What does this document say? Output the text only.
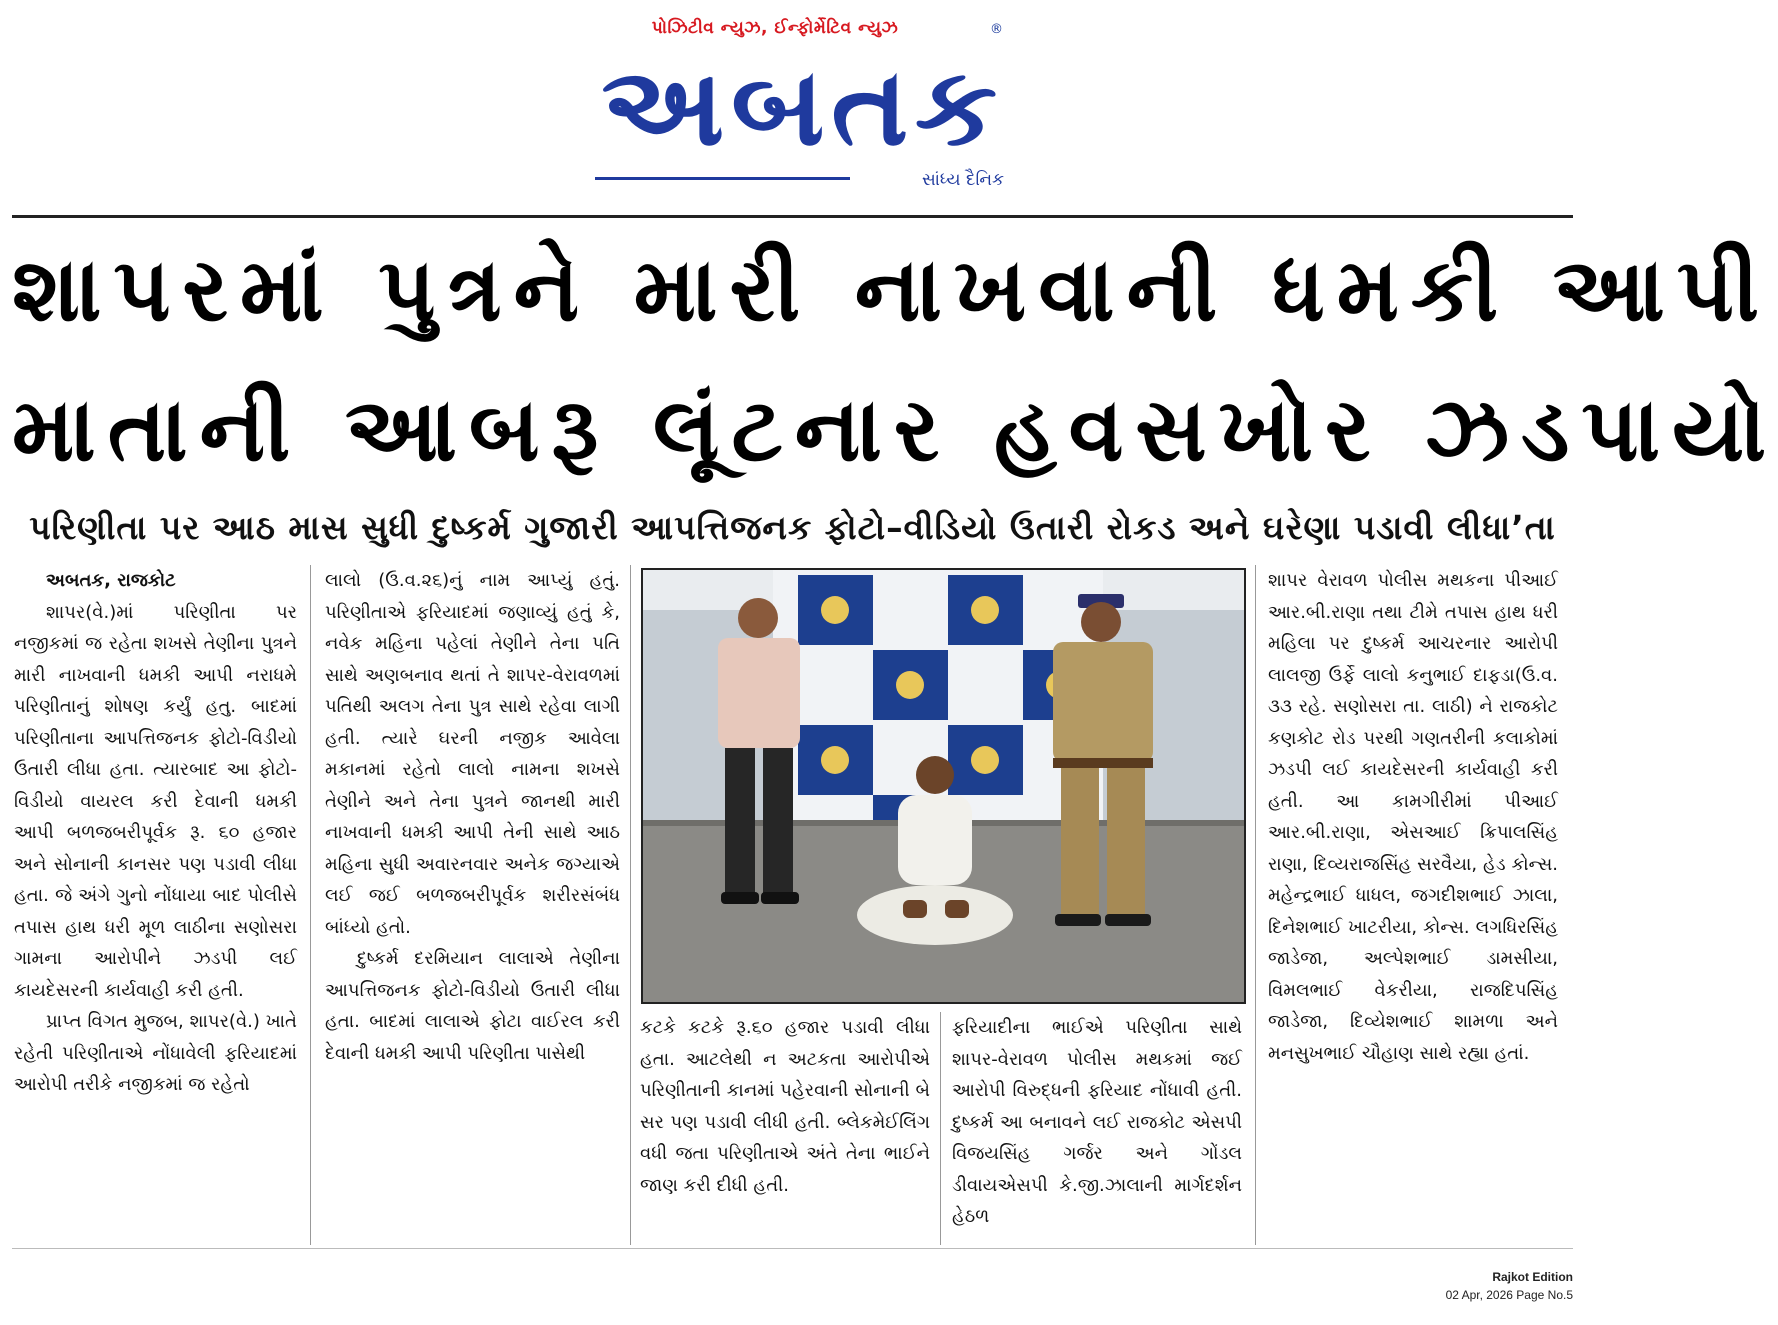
પોઝિટીવ ન્યુઝ, ઈન્ફોર્મેટિવ ન્યુઝ	®
અબતક
સાંધ્ય દૈનિક
શાપરમાં પુત્રને મારી નાખવાની ધમકી આપી
માતાની આબરૂ લૂંટનાર હવસખોર ઝડપાયો
પરિણીતા પર આઠ માસ સુધી દુષ્કર્મ ગુજારી આપત્તિજનક ફોટો–વીડિયો ઉતારી રોકડ અને ઘરેણા પડાવી લીધા’તા
અબતક, રાજકોટ

શાપર(વે.)માં પરિણીતા પર નજીકમાં જ રહેતા શખસે તેણીના પુત્રને મારી નાખવાની ધમકી આપી નરાધમે પરિણીતાનું શોષણ કર્યું હતુ. બાદમાં પરિણીતાના આપત્તિજનક ફોટો-વિડીયો ઉતારી લીધા હતા. ત્યારબાદ આ ફોટો-વિડીયો વાયરલ કરી દેવાની ધમકી આપી બળજબરીપૂર્વક રૂ. ૬૦ હજાર અને સોનાની કાનસર પણ પડાવી લીધા હતા. જે અંગે ગુનો નોંધાયા બાદ પોલીસે તપાસ હાથ ધરી મૂળ લાઠીના સણોસરા ગામના આરોપીને ઝડપી લઈ કાયદેસરની કાર્યવાહી કરી હતી.

પ્રાપ્ત વિગત મુજબ, શાપર(વે.) ખાતે રહેતી પરિણીતાએ નોંધાવેલી ફરિયાદમાં આરોપી તરીકે નજીકમાં જ રહેતો

લાલો (ઉ.વ.૨૬)નું નામ આપ્યું હતું. પરિણીતાએ ફરિયાદમાં જણાવ્યું હતું કે, નવેક મહિના પહેલાં તેણીને તેના પતિ સાથે અણબનાવ થતાં તે શાપર-વેરાવળમાં પતિથી અલગ તેના પુત્ર સાથે રહેવા લાગી હતી. ત્યારે ઘરની નજીક આવેલા મકાનમાં રહેતો લાલો નામના શખસે તેણીને અને તેના પુત્રને જાનથી મારી નાખવાની ધમકી આપી તેની સાથે આઠ મહિના સુધી અવારનવાર અનેક જગ્યાએ લઈ જઈ બળજબરીપૂર્વક શરીરસંબંધ બાંધ્યો હતો.

દુષ્કર્મ દરમિયાન લાલાએ તેણીના આપત્તિજનક ફોટો-વિડીયો ઉતારી લીધા હતા. બાદમાં લાલાએ ફોટા વાઈરલ કરી દેવાની ધમકી આપી પરિણીતા પાસેથી

કટકે કટકે રૂ.૬૦ હજાર પડાવી લીધા હતા. આટલેથી ન અટકતા આરોપીએ પરિણીતાની કાનમાં પહેરવાની સોનાની બે સર પણ પડાવી લીધી હતી. બ્લેકમેઈલિંગ વધી જતા પરિણીતાએ અંતે તેના ભાઈને જાણ કરી દીધી હતી.

ફરિયાદીના ભાઈએ પરિણીતા સાથે શાપર-વેરાવળ પોલીસ મથકમાં જઈ આરોપી વિરુદ્ધની ફરિયાદ નોંધાવી હતી. દુષ્કર્મ આ બનાવને લઈ રાજકોટ એસપી વિજયસિંહ ગર્જર અને ગોંડલ ડીવાયએસપી કે.જી.ઝાલાની માર્ગદર્શન હેઠળ

શાપર વેરાવળ પોલીસ મથકના પીઆઈ આર.બી.રાણા તથા ટીમે તપાસ હાથ ધરી મહિલા પર દુષ્કર્મ આચરનાર આરોપી લાલજી ઉર્ફે લાલો કનુભાઈ દાફડા(ઉ.વ. ૩૩ રહે. સણોસરા તા. લાઠી) ને રાજકોટ કણકોટ રોડ પરથી ગણતરીની કલાકોમાં ઝડપી લઈ કાયદેસરની કાર્યવાહી કરી હતી. આ કામગીરીમાં પીઆઈ આર.બી.રાણા, એસઆઈ ક્રિપાલસિંહ રાણા, દિવ્યરાજસિંહ સરવૈયા, હેડ કોન્સ. મહેન્દ્રભાઈ ધાધલ, જગદીશભાઈ ઝાલા, દિનેશભાઈ ખાટરીયા, કોન્સ. લગધિરસિંહ જાડેજા, અલ્પેશભાઈ ડામસીયા, વિમલભાઈ વેકરીયા, રાજદિપસિંહ જાડેજા, દિવ્યેશભાઈ શામળા અને મનસુખભાઈ ચૌહાણ સાથે રહ્યા હતાં.

Rajkot Edition
02 Apr, 2026 Page No.5
